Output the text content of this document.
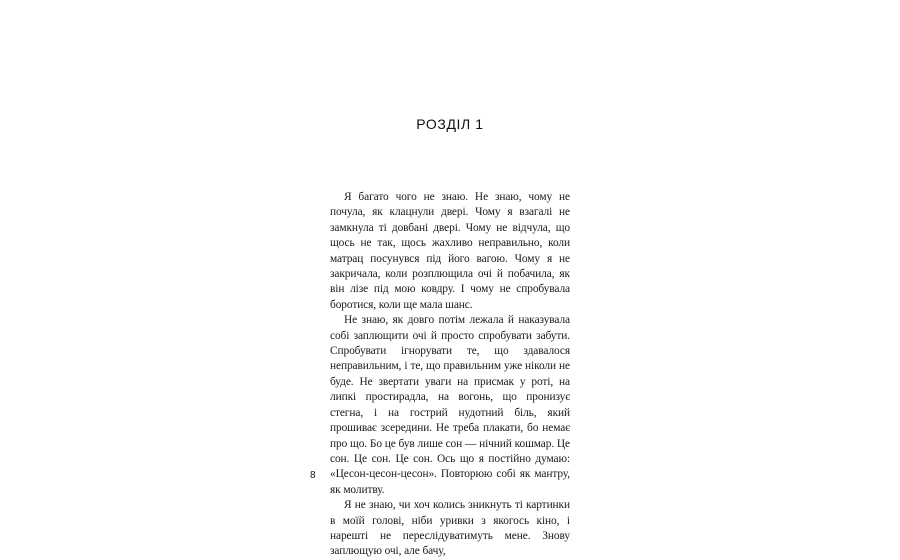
РОЗДІЛ 1

Я багато чого не знаю. Не знаю, чому не почула, як клацнули двері. Чому я взагалі не замкнула ті довбані двері. Чому не відчула, що щось не так, щось жахливо неправильно, коли матрац посунувся під його вагою. Чому я не закричала, коли розплющила очі й побачила, як він лізе під мою ковдру. І чому не спробувала боротися, коли ще мала шанс.

Не знаю, як довго потім лежала й наказувала собі заплющити очі й просто спробувати забути. Спробувати ігнорувати те, що здавалося неправильним, і те, що правильним уже ніколи не буде. Не звертати уваги на присмак у роті, на липкі простирадла, на вогонь, що пронизує стегна, і на гострий нудотний біль, який прошиває зсередини. Не треба плакати, бо немає про що. Бо це був лише сон — нічний кошмар. Це сон. Це сон. Це сон. Ось що я постійно думаю: «Цесон-цесон-цесон». Повторюю собі як мантру, як молитву.

Я не знаю, чи хоч колись зникнуть ті картинки в моїй голові, ніби уривки з якогось кіно, і нарешті не переслідуватимуть мене. Знову заплющую очі, але бачу,

8
